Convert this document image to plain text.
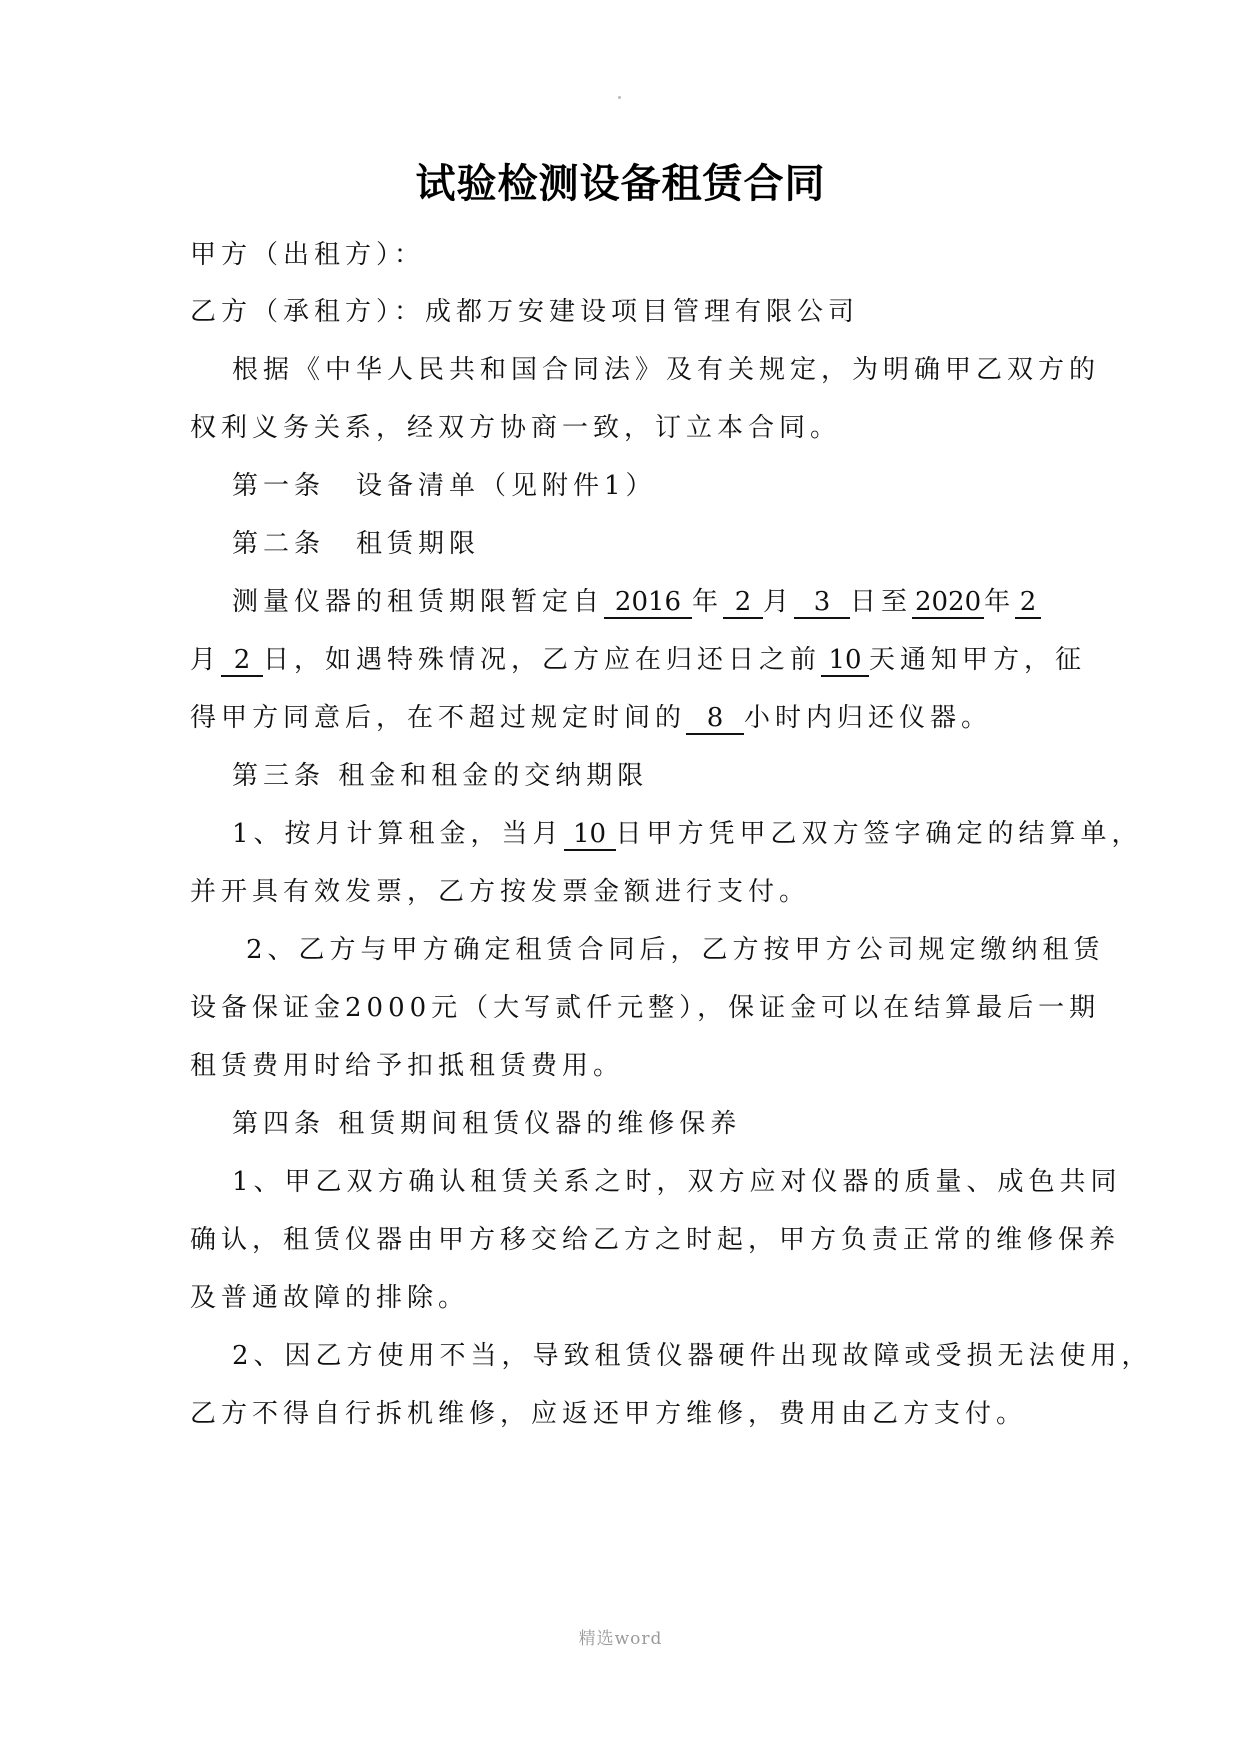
试验检测设备租赁合同
甲方（出租方）：
乙方（承租方）：成都万安建设项目管理有限公司
根据《中华人民共和国合同法》及有关规定，为明确甲乙双方的
权利义务关系，经双方协商一致，订立本合同。
第一条　设备清单（见附件1）
第二条　租赁期限
测量仪器的租赁期限暂定自 2016 年 2 月 3 日至 2020 年 2
月 2 日，如遇特殊情况，乙方应在归还日之前 10 天通知甲方，征
得甲方同意后，在不超过规定时间的 8 小时内归还仪器。
第三条 租金和租金的交纳期限
1、按月计算租金，当月 10 日甲方凭甲乙双方签字确定的结算单，
并开具有效发票，乙方按发票金额进行支付。
2、乙方与甲方确定租赁合同后，乙方按甲方公司规定缴纳租赁
设备保证金2000元（大写贰仟元整），保证金可以在结算最后一期
租赁费用时给予扣抵租赁费用。
第四条 租赁期间租赁仪器的维修保养
1、甲乙双方确认租赁关系之时，双方应对仪器的质量、成色共同
确认，租赁仪器由甲方移交给乙方之时起，甲方负责正常的维修保养
及普通故障的排除。
2、因乙方使用不当，导致租赁仪器硬件出现故障或受损无法使用，
乙方不得自行拆机维修，应返还甲方维修，费用由乙方支付。
精选word
